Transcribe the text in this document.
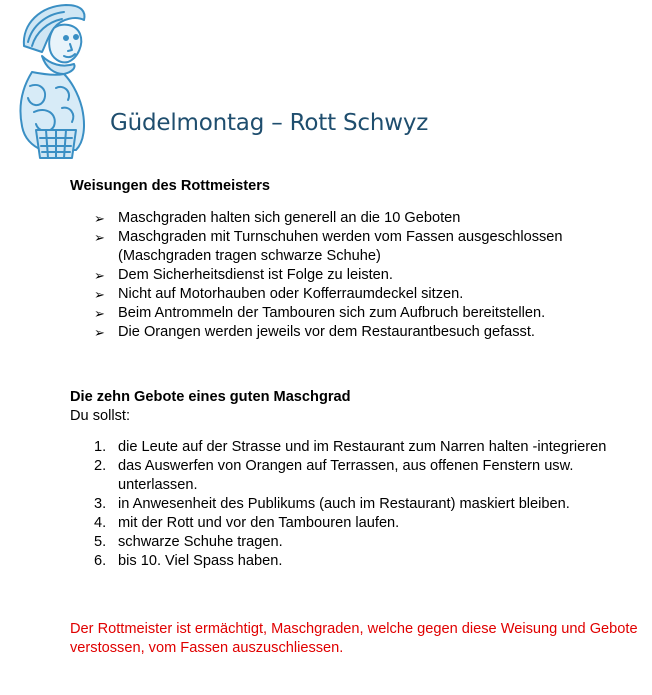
Güdelmontag – Rott Schwyz
Weisungen des Rottmeisters
➢ Maschgraden halten sich generell an die 10 Geboten
➢ Maschgraden mit Turnschuhen werden vom Fassen ausgeschlossen (Maschgraden tragen schwarze Schuhe)
➢ Dem Sicherheitsdienst ist Folge zu leisten.
➢ Nicht auf Motorhauben oder Kofferraumdeckel sitzen.
➢ Beim Antrommeln der Tambouren sich zum Aufbruch bereitstellen.
➢ Die Orangen werden jeweils vor dem Restaurantbesuch gefasst.
Die zehn Gebote eines guten Maschgrad
Du sollst:
1. die Leute auf der Strasse und im Restaurant zum Narren halten -integrieren
2. das Auswerfen von Orangen auf Terrassen, aus offenen Fenstern usw. unterlassen.
3. in Anwesenheit des Publikums (auch im Restaurant) maskiert bleiben.
4. mit der Rott und vor den Tambouren laufen.
5. schwarze Schuhe tragen.
6. bis 10. Viel Spass haben.
Der Rottmeister ist ermächtigt, Maschgraden, welche gegen diese Weisung und Gebote verstossen, vom Fassen auszuschliessen.
